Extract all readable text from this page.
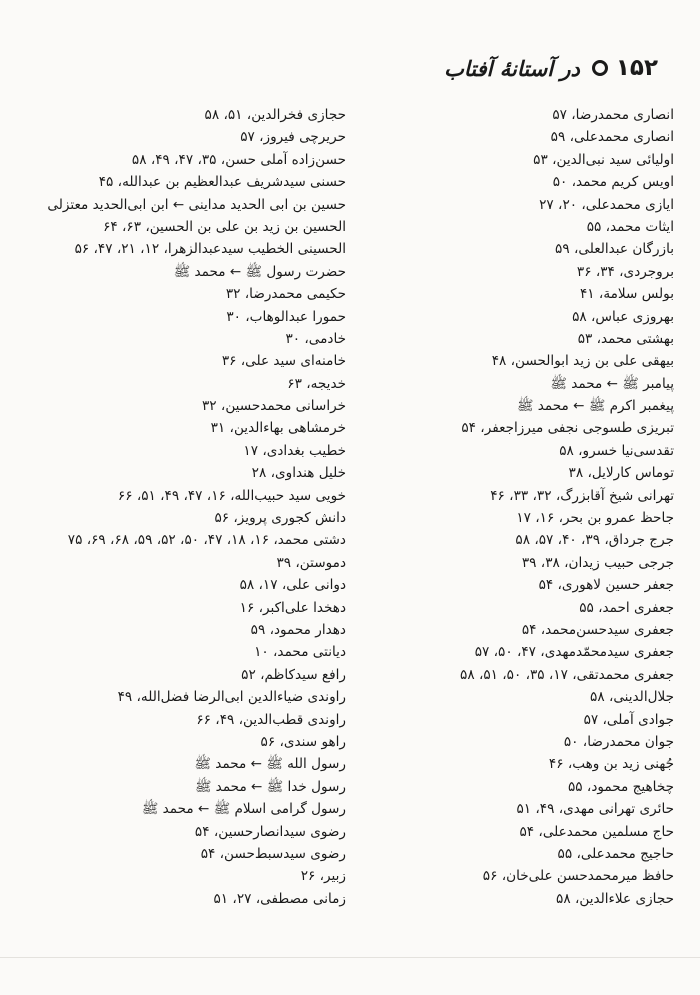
۱۵۲
در آستانهٔ آفتاب
انصاری محمدرضا، ۵۷
انصاری محمدعلی، ۵۹
اولیائی سید نبی‌الدین، ۵۳
اویس کریم محمد، ۵۰
ایازی محمدعلی، ۲۰، ۲۷
ایثات محمد، ۵۵
بازرگان عبدالعلی، ۵۹
بروجردی، ۳۴، ۳۶
بولس سلامة، ۴۱
بهروزی عباس، ۵۸
بهشتی محمد، ۵۳
بیهقی علی بن زید ابوالحسن، ۴۸
پیامبر ﷺ ← محمد ﷺ
پیغمبر اکرم ﷺ ← محمد ﷺ
تبریزی طسوجی نجفی میرزاجعفر، ۵۴
تقدسی‌نیا خسرو، ۵۸
توماس کارلایل، ۳۸
تهرانی شیخ آقابزرگ، ۳۲، ۳۳، ۴۶
جاحظ عمرو بن بحر، ۱۶، ۱۷
جرج جرداق، ۳۹، ۴۰، ۵۷، ۵۸
جرجی حبیب زیدان، ۳۸، ۳۹
جعفر حسین لاهوری، ۵۴
جعفری احمد، ۵۵
جعفری سیدحسن‌محمد، ۵۴
جعفری سیدمحمّدمهدی، ۴۷، ۵۰، ۵۷
جعفری محمدتقی، ۱۷، ۳۵، ۵۰، ۵۱، ۵۸
جلال‌الدینی، ۵۸
جوادی آملی، ۵۷
جوان محمدرضا، ۵۰
جُهنی زید بن وهب، ۴۶
چخاهیج محمود، ۵۵
حائری تهرانی مهدی، ۴۹، ۵۱
حاج مسلمین محمدعلی، ۵۴
حاجیج محمدعلی، ۵۵
حافظ میرمحمدحسن علی‌خان، ۵۶
حجازی علاءالدین، ۵۸
حجازی فخرالدین، ۵۱، ۵۸
حریرچی فیروز، ۵۷
حسن‌زاده آملی حسن، ۳۵، ۴۷، ۴۹، ۵۸
حسنی سیدشریف عبدالعظیم بن عبدالله، ۴۵
حسین بن ابی الحدید مداینی ← ابن ابی‌الحدید معتزلی
الحسین بن زید بن علی بن الحسین، ۶۳، ۶۴
الحسینی الخطیب سیدعبدالزهرا، ۱۲، ۲۱، ۴۷، ۵۶
حضرت رسول ﷺ ← محمد ﷺ
حکیمی محمدرضا، ۳۲
حمورا عبدالوهاب، ۳۰
خادمی، ۳۰
خامنه‌ای سید علی، ۳۶
خدیجه، ۶۳
خراسانی محمدحسین، ۳۲
خرمشاهی بهاءالدین، ۳۱
خطیب بغدادی، ۱۷
خلیل هنداوی، ۲۸
خویی سید حبیب‌الله، ۱۶، ۴۷، ۴۹، ۵۱، ۶۶
دانش کجوری پرویز، ۵۶
دشتی محمد، ۱۶، ۱۸، ۴۷، ۵۰، ۵۲، ۵۹، ۶۸، ۶۹، ۷۵
دموستن، ۳۹
دوانی علی، ۱۷، ۵۸
دهخدا علی‌اکبر، ۱۶
دهدار محمود، ۵۹
دیانتی محمد، ۱۰
رافع سیدکاظم، ۵۲
راوندی ضیاءالدین ابی‌الرضا فضل‌الله، ۴۹
راوندی قطب‌الدین، ۴۹، ۶۶
راهو سندی، ۵۶
رسول الله ﷺ ← محمد ﷺ
رسول خدا ﷺ ← محمد ﷺ
رسول گرامی اسلام ﷺ ← محمد ﷺ
رضوی سیدانصارحسین، ۵۴
رضوی سیدسبط‌حسن، ۵۴
زبیر، ۲۶
زمانی مصطفی، ۲۷، ۵۱
